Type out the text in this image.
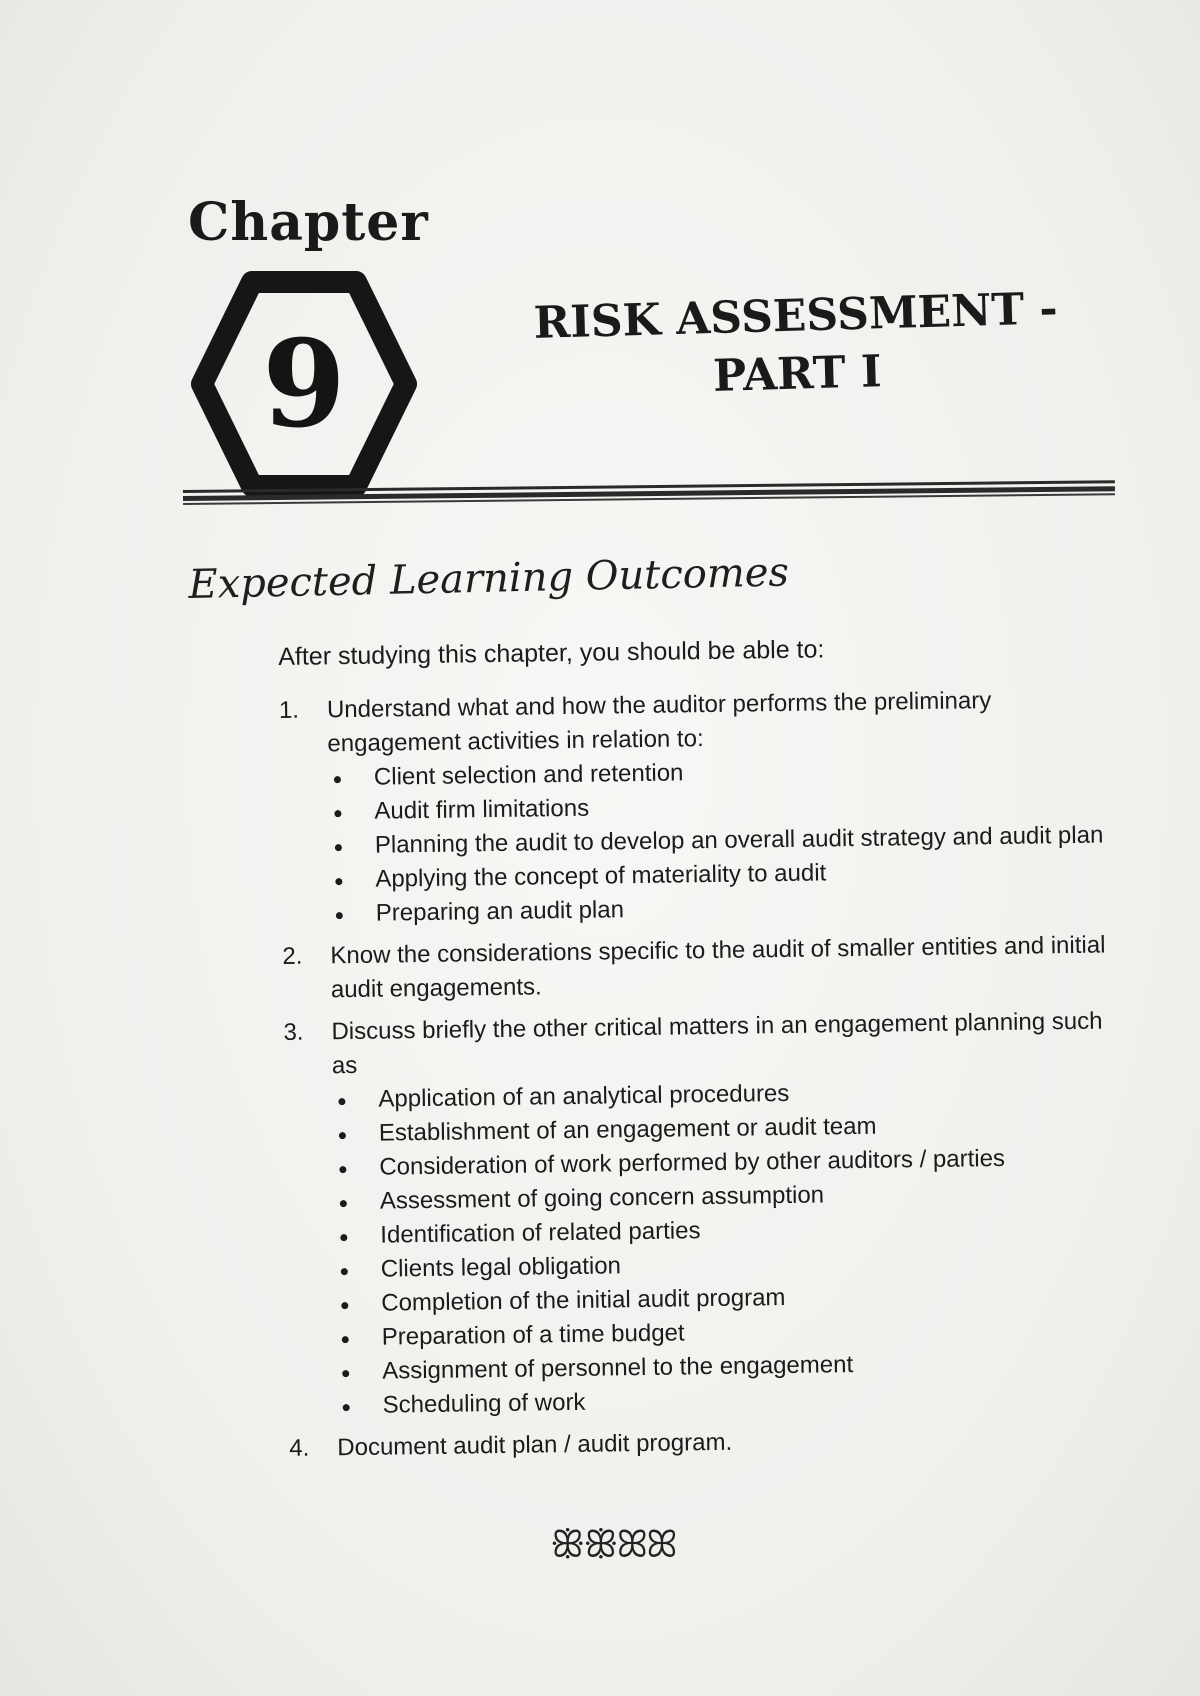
Chapter
9	RISK ASSESSMENT -
PART I
Expected Learning Outcomes

After studying this chapter, you should be able to:

1. Understand what and how the auditor performs the preliminary engagement activities in relation to:
Client selection and retention
Audit firm limitations
Planning the audit to develop an overall audit strategy and audit plan
Applying the concept of materiality to audit
Preparing an audit plan
2. Know the considerations specific to the audit of smaller entities and initial audit engagements.
3. Discuss briefly the other critical matters in an engagement planning such as
Application of an analytical procedures
Establishment of an engagement or audit team
Consideration of work performed by other auditors / parties
Assessment of going concern assumption
Identification of related parties
Clients legal obligation
Completion of the initial audit program
Preparation of a time budget
Assignment of personnel to the engagement
Scheduling of work
4. Document audit plan / audit program.
ꕥꕥꕤꕤ
